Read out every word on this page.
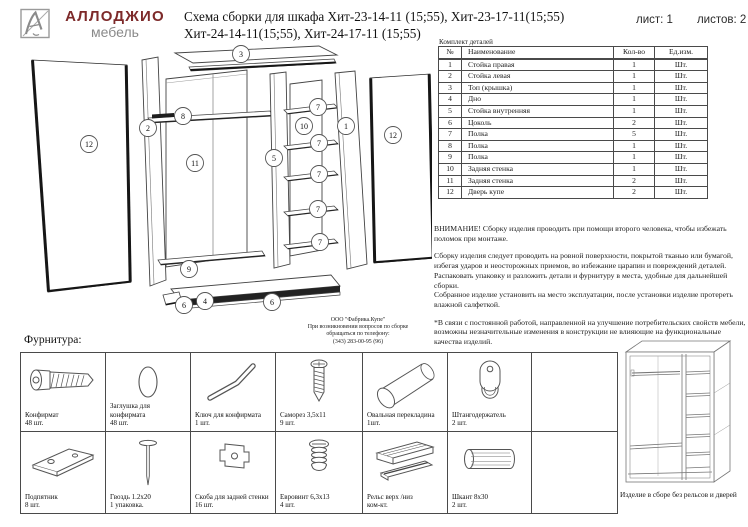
АЛЛОДЖИО
мебель
Схема сборки для шкафа Хит-23-14-11 (15;55), Хит-23-17-11(15;55)
Хит-24-14-11(15;55), Хит-24-17-11 (15;55)
лист: 1 листов: 2
Комплект деталей
№	Наименование	Кол-во	Ед.изм.
1	Стойка правая	1	Шт.
2	Стойка левая	1	Шт.
3	Топ (крышка)	1	Шт.
4	Дно	1	Шт.
5	Стойка внутренняя	1	Шт.
6	Цоколь	2	Шт.
7	Полка	5	Шт.
8	Полка	1	Шт.
9	Полка	1	Шт.
10	Задняя стенка	1	Шт.
11	Задняя стенка	2	Шт.
12	Дверь купе	2	Шт.
ВНИМАНИЕ! Сборку изделия проводить при помощи второго человека, чтобы избежать поломок при монтаже.
Сборку изделия следует проводить на ровной поверхности, покрытой тканью или бумагой, избегая ударов и неосторожных приемов, во избежание царапин и повреждений деталей.
Распаковать упаковку и разложить детали и фурнитуру в места, удобные для дальнейшей сборки.
Собранное изделие установить на место эксплуатации, после установки изделие протереть влажной салфеткой.
*В связи с постоянной работой, направленной на улучшение потребительских свойств мебели, возможны незначительные изменения в конструкции не влияющие на функциональные качества изделий.
ООО "Фабрика.Купе"
При возникновении вопросов по сборке
обращаться по телефону:
(343) 283-00-95 (96)
3
8
2
12
11
5
10
7
7
7
7
7
1
12
9
6 4	6
Фурнитура:
Конфирмат
48 шт.
Заглушка для конфирмата
48 шт.
Ключ для конфирмата
1 шт.
Саморез 3,5х11
9 шт.
Овальная перекладина
1шт.
Штангодержатель
2 шт.
Подпятник
8 шт.
Гвоздь 1.2х20
1 упаковка.
Скоба для задней стенки
16 шт.
Евровинт 6,3х13
4 шт.
Рельс верх /низ
ком-кт.
Шкант 8х30
2 шт.
Изделие в сборе без рельсов и дверей
